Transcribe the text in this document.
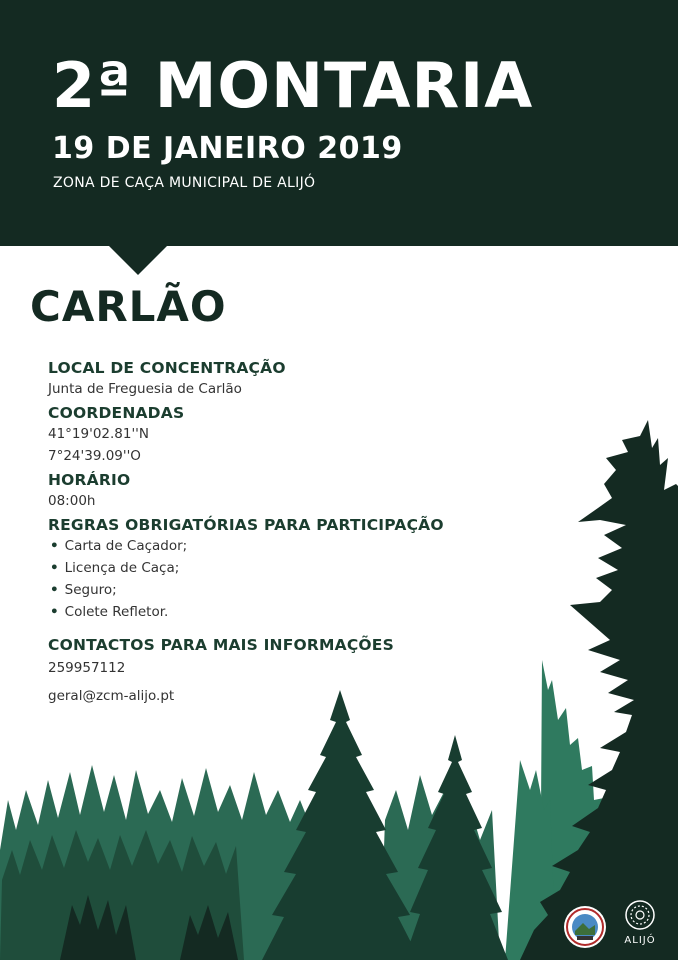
2ª MONTARIA

19 DE JANEIRO 2019

ZONA DE CAÇA MUNICIPAL DE ALIJÓ

CARLÃO
LOCAL DE CONCENTRAÇÃO
Junta de Freguesia de Carlão
COORDENADAS
41°19'02.81''N
7°24'39.09''O
HORÁRIO
08:00h
REGRAS OBRIGATÓRIAS PARA PARTICIPAÇÃO
• Carta de Caçador;
• Licença de Caça;
• Seguro;
• Colete Refletor.
CONTACTOS PARA MAIS INFORMAÇÕES
259957112
geral@zcm-alijo.pt
ALIJÓ
